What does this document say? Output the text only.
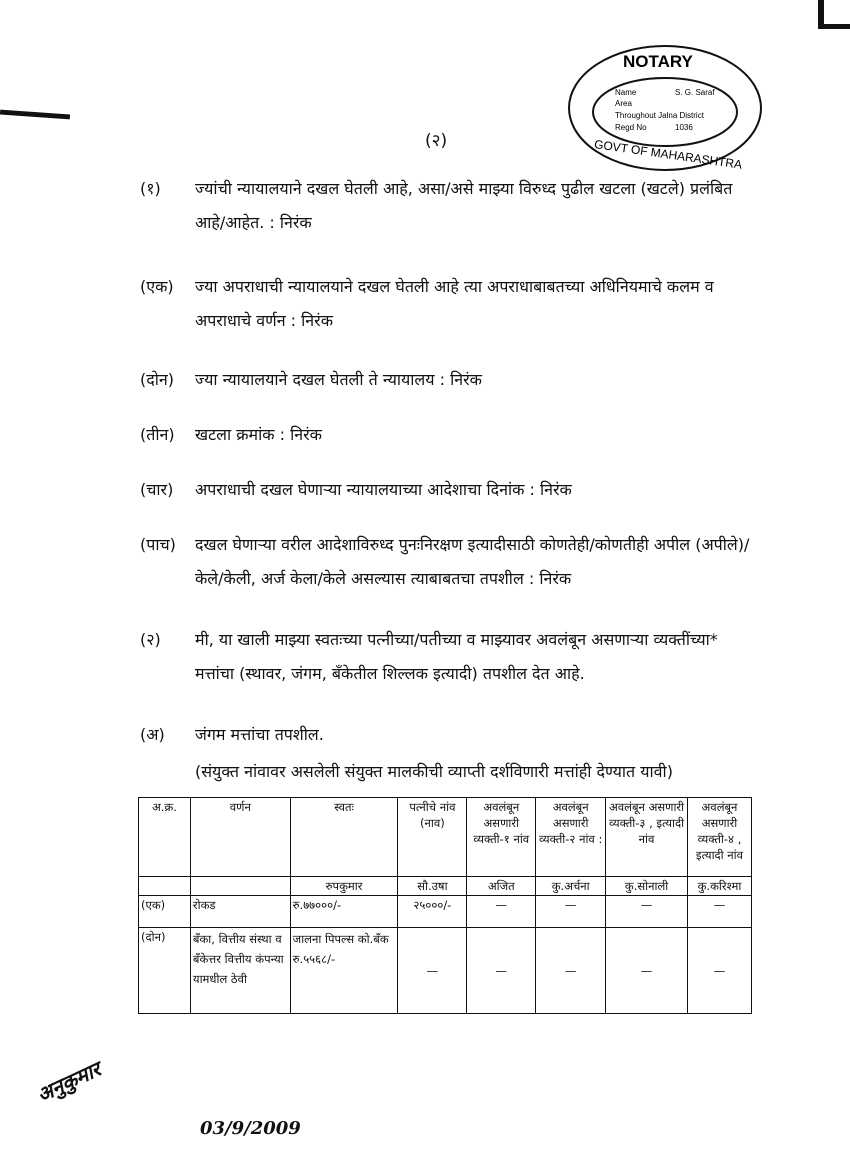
(२)
NOTARY
Name	S. G. Saraf
Area
Throughout Jalna District
Regd No	1036
GOVT OF MAHARASHTRA
(१) ज्यांची न्यायालयाने दखल घेतली आहे, असा/असे माझ्या विरुध्द पुढील खटला (खटले) प्रलंबित आहे/आहेत. : निरंक
(एक) ज्या अपराधाची न्यायालयाने दखल घेतली आहे त्या अपराधाबाबतच्या अधिनियमाचे कलम व अपराधाचे वर्णन : निरंक
(दोन) ज्या न्यायालयाने दखल घेतली ते न्यायालय : निरंक
(तीन) खटला क्रमांक : निरंक
(चार) अपराधाची दखल घेणाऱ्या न्यायालयाच्या आदेशाचा दिनांक : निरंक
(पाच) दखल घेणाऱ्या वरील आदेशाविरुध्द पुनःनिरक्षण इत्यादीसाठी कोणतेही/कोणतीही अपील (अपीले)/ केले/केली, अर्ज केला/केले असल्यास त्याबाबतचा तपशील : निरंक
(२) मी, या खाली माझ्या स्वतःच्या पत्नीच्या/पतीच्या व माझ्यावर अवलंबून असणाऱ्या व्यक्तींच्या* मत्तांचा (स्थावर, जंगम, बँकेतील शिल्लक इत्यादी) तपशील देत आहे.
(अ) जंगम मत्तांचा तपशील.
(संयुक्त नांवावर असलेली संयुक्त मालकीची व्याप्ती दर्शविणारी मत्तांही देण्यात यावी)
अ.क्र.	वर्णन	स्वतः	पत्नीचे नांव (नाव)	अवलंबून असणारी व्यक्ती-१ नांव	अवलंबून असणारी व्यक्ती-२ नांव :	अवलंबून असणारी व्यक्ती-३ , इत्यादी नांव	अवलंबून असणारी व्यक्ती-४ , इत्यादी नांव
		रुपकुमार	सौ.उषा	अजित	कु.अर्चना	कु.सोनाली	कु.करिश्मा
(एक)	रोकड	रु.७७०००/-	२५०००/-	—	—	—	—
(दोन)	बँका, वित्तीय संस्था व बँकेत्तर वित्तीय कंपन्या यामधील ठेवी	जालना पिपल्स को.बँक रु.५५६८/-	—	—	—	—	—
अनुकुमार
03/9/2009
